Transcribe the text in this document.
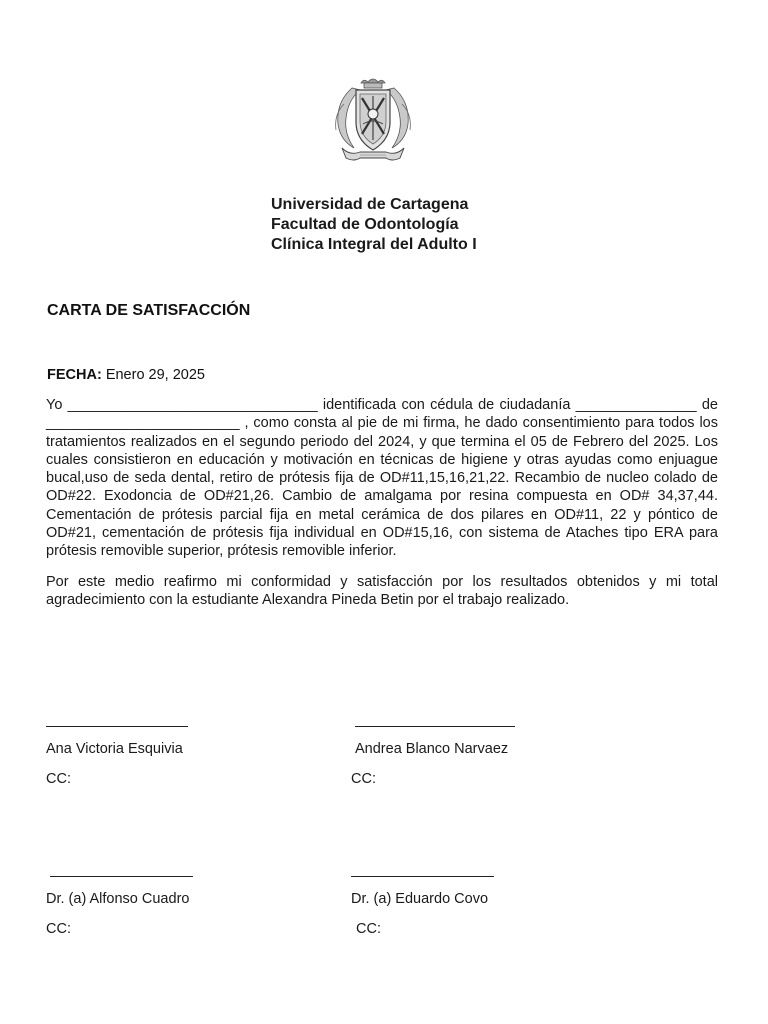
Universidad de Cartagena
Facultad de Odontología
Clínica Integral del Adulto I
CARTA DE SATISFACCIÓN
FECHA: Enero 29, 2025
Yo _______________________________ identificada con cédula de ciudadanía _______________ de ________________________ , como consta al pie de mi firma, he dado consentimiento para todos los tratamientos realizados en el segundo periodo del 2024, y que termina el 05 de Febrero del 2025. Los cuales consistieron en educación y motivación en técnicas de higiene y otras ayudas como enjuague bucal,uso de seda dental, retiro de prótesis fija de OD#11,15,16,21,22. Recambio de nucleo colado de OD#22. Exodoncia de OD#21,26. Cambio de amalgama por resina compuesta en OD# 34,37,44. Cementación de prótesis parcial fija en metal cerámica de dos pilares en OD#11, 22 y póntico de OD#21, cementación de prótesis fija individual en OD#15,16, con sistema de Ataches tipo ERA para prótesis removible superior, prótesis removible inferior.
Por este medio reafirmo mi conformidad y satisfacción por los resultados obtenidos y mi total agradecimiento con la estudiante Alexandra Pineda Betin por el trabajo realizado.
Ana Victoria Esquivia
CC:
Andrea Blanco Narvaez
CC:
Dr. (a) Alfonso Cuadro
CC:
Dr. (a) Eduardo Covo
CC:
